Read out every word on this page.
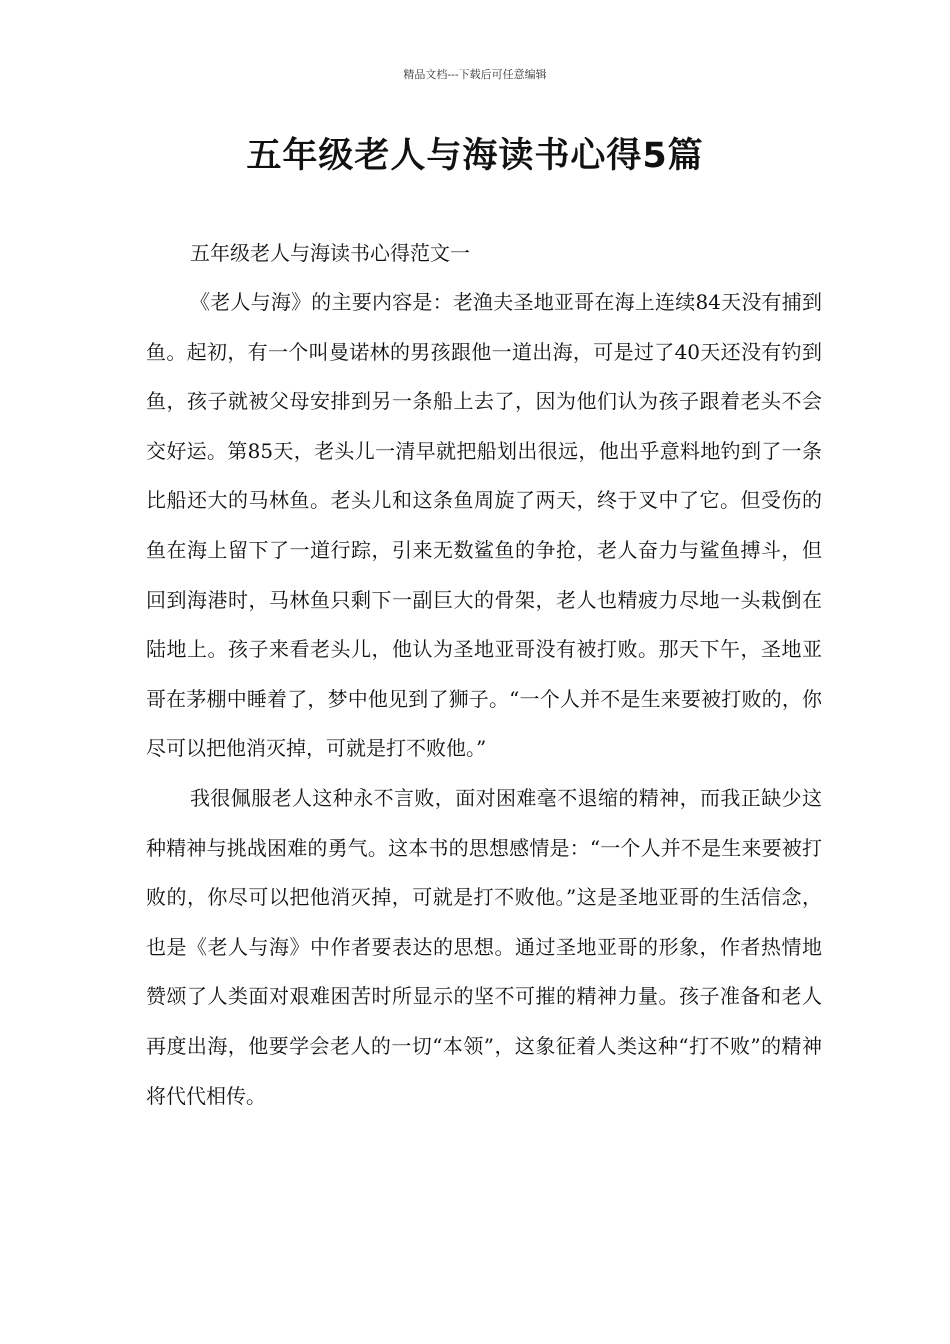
精品文档---下载后可任意编辑
五年级老人与海读书心得5篇

五年级老人与海读书心得范文一

《老人与海》的主要内容是：老渔夫圣地亚哥在海上连续84天没有捕到鱼。起初，有一个叫曼诺林的男孩跟他一道出海，可是过了40天还没有钓到鱼，孩子就被父母安排到另一条船上去了，因为他们认为孩子跟着老头不会交好运。第85天，老头儿一清早就把船划出很远，他出乎意料地钓到了一条比船还大的马林鱼。老头儿和这条鱼周旋了两天，终于叉中了它。但受伤的鱼在海上留下了一道行踪，引来无数鲨鱼的争抢，老人奋力与鲨鱼搏斗，但回到海港时，马林鱼只剩下一副巨大的骨架，老人也精疲力尽地一头栽倒在陆地上。孩子来看老头儿，他认为圣地亚哥没有被打败。那天下午，圣地亚哥在茅棚中睡着了，梦中他见到了狮子。“一个人并不是生来要被打败的，你尽可以把他消灭掉，可就是打不败他。”

我很佩服老人这种永不言败，面对困难毫不退缩的精神，而我正缺少这种精神与挑战困难的勇气。这本书的思想感情是：“一个人并不是生来要被打败的，你尽可以把他消灭掉，可就是打不败他。”这是圣地亚哥的生活信念，也是《老人与海》中作者要表达的思想。通过圣地亚哥的形象，作者热情地赞颂了人类面对艰难困苦时所显示的坚不可摧的精神力量。孩子准备和老人再度出海，他要学会老人的一切“本领”，这象征着人类这种“打不败”的精神将代代相传。
